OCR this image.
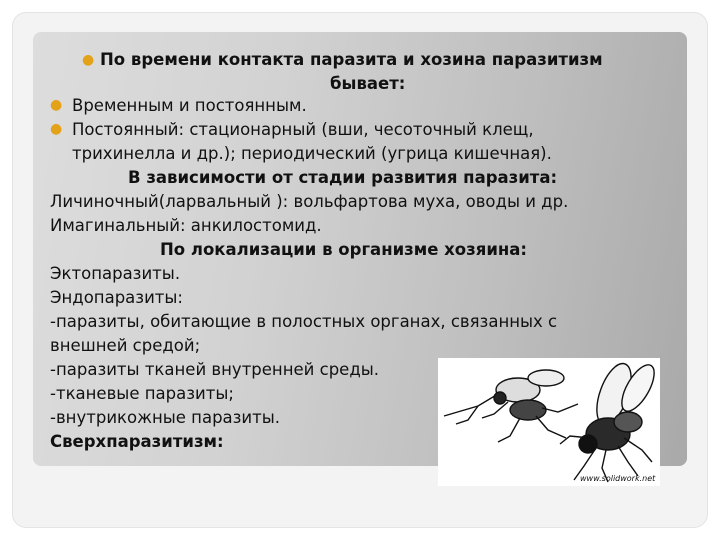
●
●
●
По времени контакта паразита и хозина паразитизм
бывает:
Временным и постоянным.
Постоянный: стационарный (вши, чесоточный клещ,
трихинелла и др.); периодический (угрица кишечная).
В зависимости от стадии развития паразита:
Личиночный(ларвальный ): вольфартова муха, оводы и др.
Имагинальный: анкилостомид.
По локализации в организме хозяина:
Эктопаразиты.
Эндопаразиты:
-паразиты, обитающие в полостных органах, связанных с
внешней средой;
-паразиты тканей внутренней среды.
-тканевые паразиты;
-внутрикожные паразиты.
Сверхпаразитизм:
www.solidwork.net
